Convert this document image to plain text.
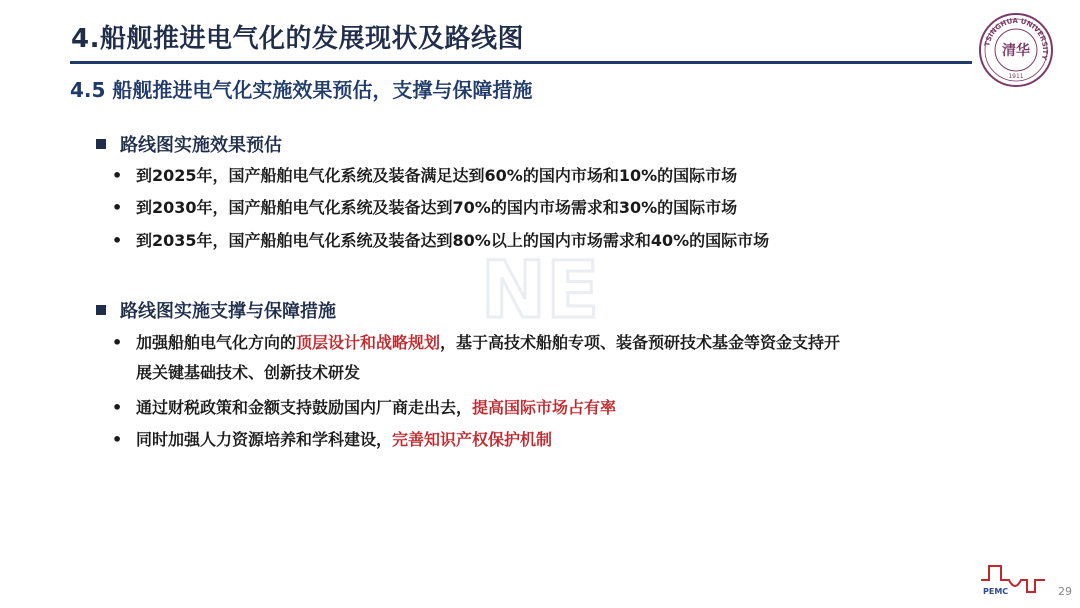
4.船舰推进电气化的发展现状及路线图
4.5 船舰推进电气化实施效果预估，支撑与保障措施
TSINGHUA UNIVERSITY
清华
1911
NE
路线图实施效果预估
• 到2025年，国产船舶电气化系统及装备满足达到60%的国内市场和10%的国际市场
• 到2030年，国产船舶电气化系统及装备达到70%的国内市场需求和30%的国际市场
• 到2035年，国产船舶电气化系统及装备达到80%以上的国内市场需求和40%的国际市场
路线图实施支撑与保障措施
• 加强船舶电气化方向的顶层设计和战略规划，基于高技术船舶专项、装备预研技术基金等资金支持开展关键基础技术、创新技术研发
• 通过财税政策和金额支持鼓励国内厂商走出去，提高国际市场占有率
• 同时加强人力资源培养和学科建设，完善知识产权保护机制
PEMC	29
